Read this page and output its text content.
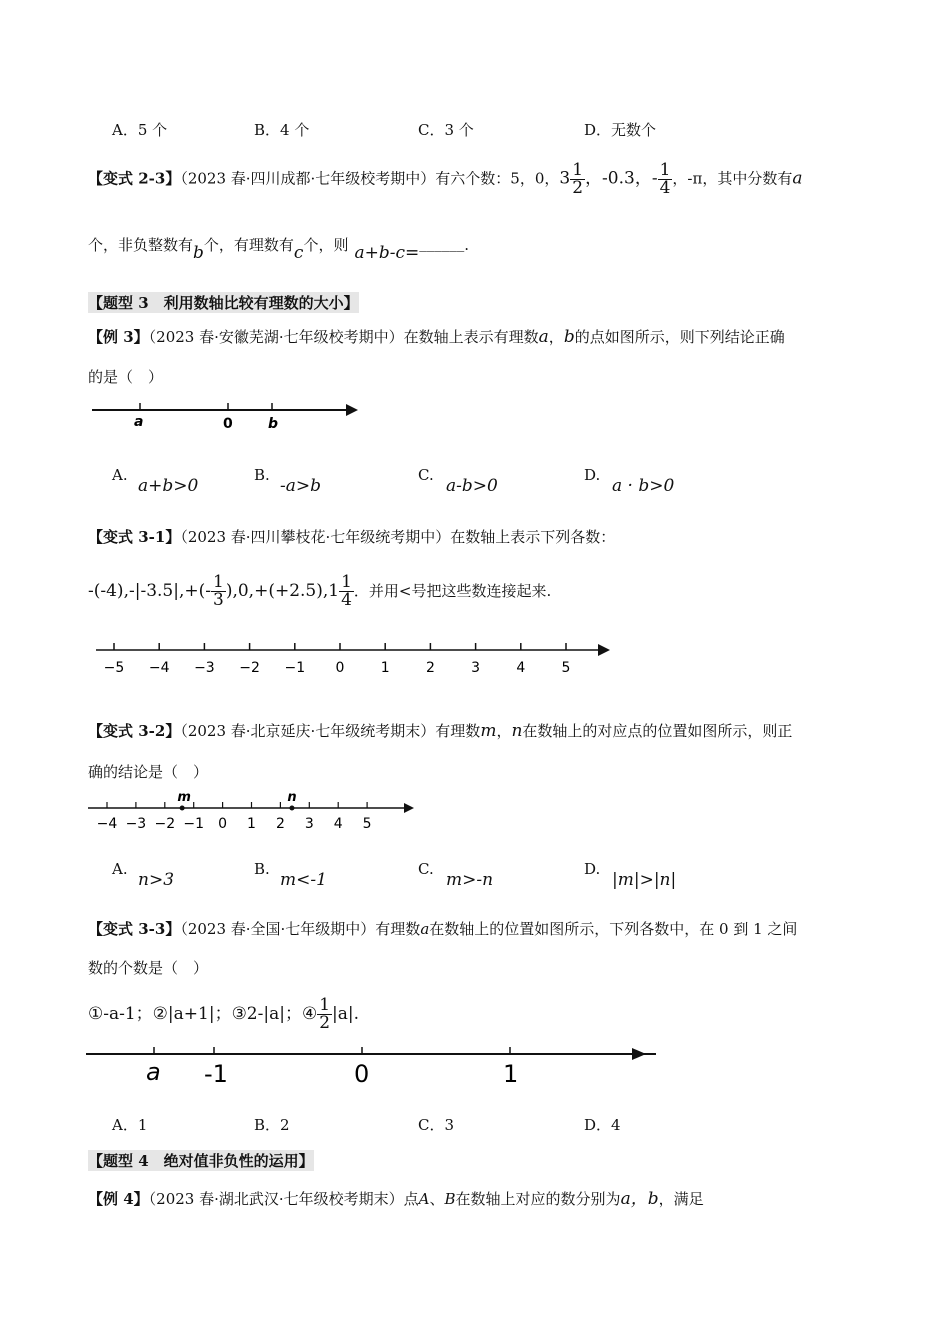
A．5 个	B．4 个	C．3 个	D．无数个
【变式 2-3】（2023 春·四川成都·七年级校考期中）有六个数：5，0，$3 \frac{1}{2}$ ，-0.3，- $\frac{1}{4}$ ，-π，其中分数有a
个，非负整数有b个，有理数有c个，则 a+b-c=______.
【题型 3　利用数轴比较有理数的大小】
【例 3】（2023 春·安徽芜湖·七年级校考期中）在数轴上表示有理数a，b的点如图所示，则下列结论正确
的是（　）
a	0	b
A.
a+b>0
B.
-a>b
C.
a-b>0
D.
a · b>0
【变式 3-1】（2023 春·四川攀枝花·七年级统考期中）在数轴上表示下列各数：
$-(-4),-|-3.5|,+(- \frac{1}{3} ),0,+(+2.5),1 \frac{1}{4}$ ．并用<号把这些数连接起来.
−5 −4 −3 −2 −1 0	1	2	3	4	5
【变式 3-2】（2023 春·北京延庆·七年级统考期末）有理数m，n在数轴上的对应点的位置如图所示，则正
确的结论是（　）
−4 −3 −2 −1 0 1 2 3 4 5
m	n
A.
n>3
B.
m<-1
C.
m>-n
D.
|m|>|n|
【变式 3-3】（2023 春·全国·七年级期中）有理数a在数轴上的位置如图所示，下列各数中，在 0 到 1 之间
数的个数是（　）
①-a-1；②|a+1|；③2-|a|；④ $\frac{1}{2} |a|$.
a -1	0	1
A．1	B．2	C．3	D．4
【题型 4　绝对值非负性的运用】
【例 4】（2023 春·湖北武汉·七年级校考期末）点A、B在数轴上对应的数分别为a，b，满足
